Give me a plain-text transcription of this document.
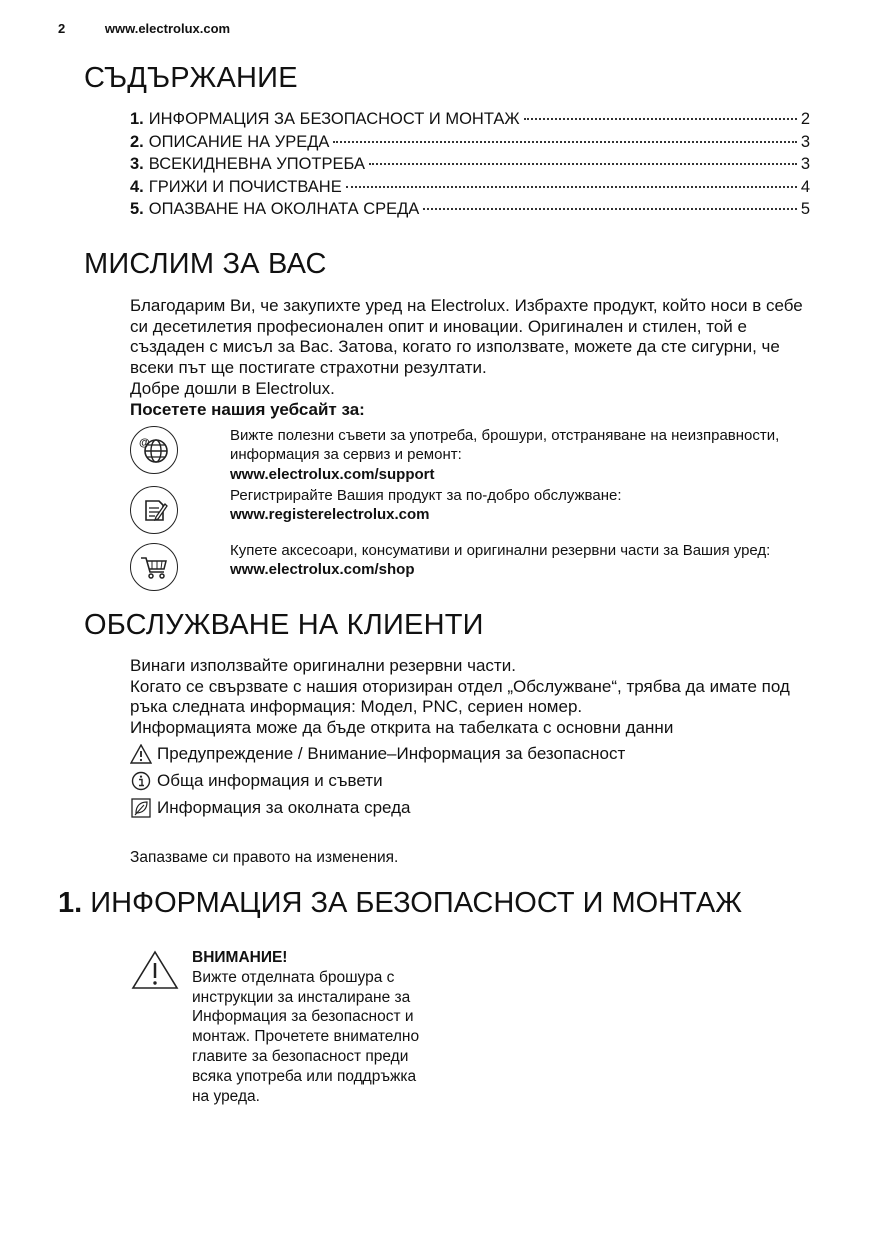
2	www.electrolux.com
СЪДЪРЖАНИЕ
1. ИНФОРМАЦИЯ ЗА БЕЗОПАСНОСТ И МОНТАЖ	2
2. ОПИСАНИЕ НА УРЕДА	3
3. ВСЕКИДНЕВНА УПОТРЕБА	3
4. ГРИЖИ И ПОЧИСТВАНЕ	4
5. ОПАЗВАНЕ НА ОКОЛНАТА СРЕДА	5
МИСЛИМ ЗА ВАС

Благодарим Ви, че закупихте уред на Electrolux. Избрахте продукт, който носи в себе си десетилетия професионален опит и иновации. Оригинален и стилен, той е създаден с мисъл за Вас. Затова, когато го използвате, можете да сте сигурни, че всеки път ще постигате страхотни резултати.

Добре дошли в Electrolux.

Посетете нашия уебсайт за:

@	Вижте полезни съвети за употреба, брошури, отстраняване на неизправности, информация за сервиз и ремонт:
www.electrolux.com/support
Регистрирайте Вашия продукт за по-добро обслужване:
www.registerelectrolux.com
Купете аксесоари, консумативи и оригинални резервни части за Вашия уред:
www.electrolux.com/shop
ОБСЛУЖВАНЕ НА КЛИЕНТИ

Винаги използвайте оригинални резервни части.

Когато се свързвате с нашия оторизиран отдел „Обслужване“, трябва да имате под ръка следната информация: Модел, PNC, сериен номер.

Информацията може да бъде открита на табелката с основни данни

Предупреждение / Внимание–Информация за безопасност
Обща информация и съвети
Информация за околната среда
Запазваме си правото на изменения.
1. ИНФОРМАЦИЯ ЗА БЕЗОПАСНОСТ И МОНТАЖ
ВНИМАНИЕ!
Вижте отделната брошура с инструкции за инсталиране за Информация за безопасност и монтаж. Прочетете внимателно главите за безопасност преди всяка употреба или поддръжка на уреда.
